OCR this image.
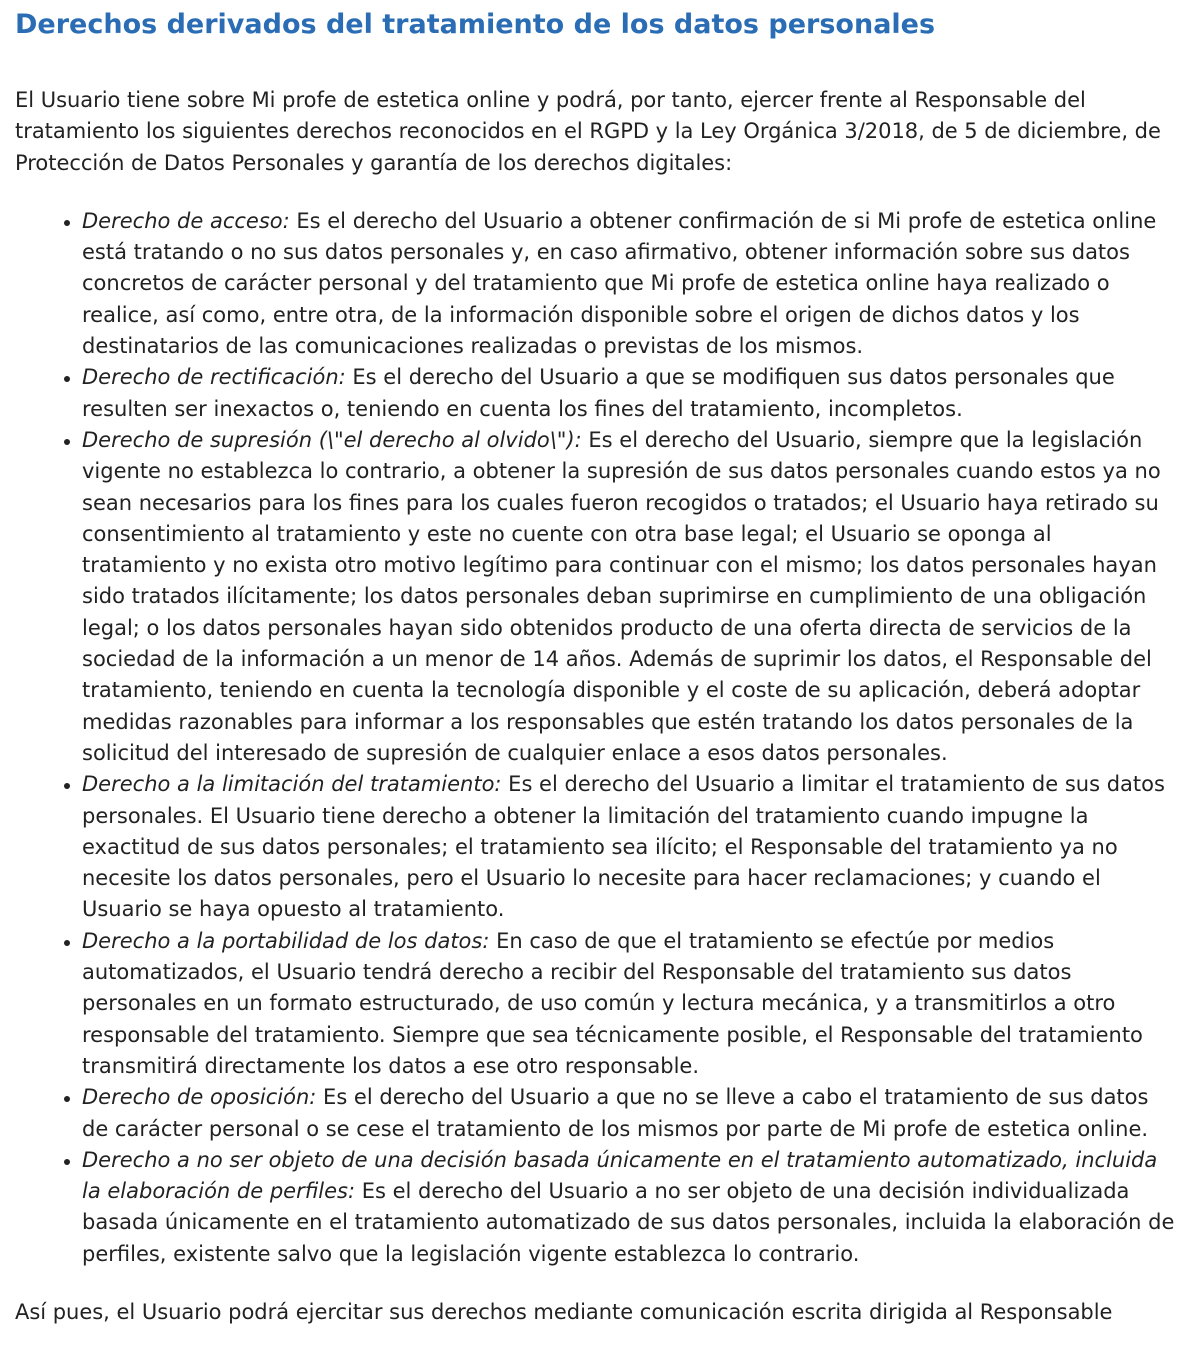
Derechos derivados del tratamiento de los datos personales

El Usuario tiene sobre Mi profe de estetica online y podrá, por tanto, ejercer frente al Responsable del tratamiento los siguientes derechos reconocidos en el RGPD y la Ley Orgánica 3/2018, de 5 de diciembre, de Protección de Datos Personales y garantía de los derechos digitales:

• Derecho de acceso: Es el derecho del Usuario a obtener confirmación de si Mi profe de estetica online está tratando o no sus datos personales y, en caso afirmativo, obtener información sobre sus datos concretos de carácter personal y del tratamiento que Mi profe de estetica online haya realizado o realice, así como, entre otra, de la información disponible sobre el origen de dichos datos y los destinatarios de las comunicaciones realizadas o previstas de los mismos.
• Derecho de rectificación: Es el derecho del Usuario a que se modifiquen sus datos personales que resulten ser inexactos o, teniendo en cuenta los fines del tratamiento, incompletos.
• Derecho de supresión (\"el derecho al olvido\"): Es el derecho del Usuario, siempre que la legislación vigente no establezca lo contrario, a obtener la supresión de sus datos personales cuando estos ya no sean necesarios para los fines para los cuales fueron recogidos o tratados; el Usuario haya retirado su consentimiento al tratamiento y este no cuente con otra base legal; el Usuario se oponga al tratamiento y no exista otro motivo legítimo para continuar con el mismo; los datos personales hayan sido tratados ilícitamente; los datos personales deban suprimirse en cumplimiento de una obligación legal; o los datos personales hayan sido obtenidos producto de una oferta directa de servicios de la sociedad de la información a un menor de 14 años. Además de suprimir los datos, el Responsable del tratamiento, teniendo en cuenta la tecnología disponible y el coste de su aplicación, deberá adoptar medidas razonables para informar a los responsables que estén tratando los datos personales de la solicitud del interesado de supresión de cualquier enlace a esos datos personales.
• Derecho a la limitación del tratamiento: Es el derecho del Usuario a limitar el tratamiento de sus datos personales. El Usuario tiene derecho a obtener la limitación del tratamiento cuando impugne la exactitud de sus datos personales; el tratamiento sea ilícito; el Responsable del tratamiento ya no necesite los datos personales, pero el Usuario lo necesite para hacer reclamaciones; y cuando el Usuario se haya opuesto al tratamiento.
• Derecho a la portabilidad de los datos: En caso de que el tratamiento se efectúe por medios automatizados, el Usuario tendrá derecho a recibir del Responsable del tratamiento sus datos personales en un formato estructurado, de uso común y lectura mecánica, y a transmitirlos a otro responsable del tratamiento. Siempre que sea técnicamente posible, el Responsable del tratamiento transmitirá directamente los datos a ese otro responsable.
• Derecho de oposición: Es el derecho del Usuario a que no se lleve a cabo el tratamiento de sus datos de carácter personal o se cese el tratamiento de los mismos por parte de Mi profe de estetica online.
• Derecho a no ser objeto de una decisión basada únicamente en el tratamiento automatizado, incluida la elaboración de perfiles: Es el derecho del Usuario a no ser objeto de una decisión individualizada basada únicamente en el tratamiento automatizado de sus datos personales, incluida la elaboración de perfiles, existente salvo que la legislación vigente establezca lo contrario.

Así pues, el Usuario podrá ejercitar sus derechos mediante comunicación escrita dirigida al Responsable
